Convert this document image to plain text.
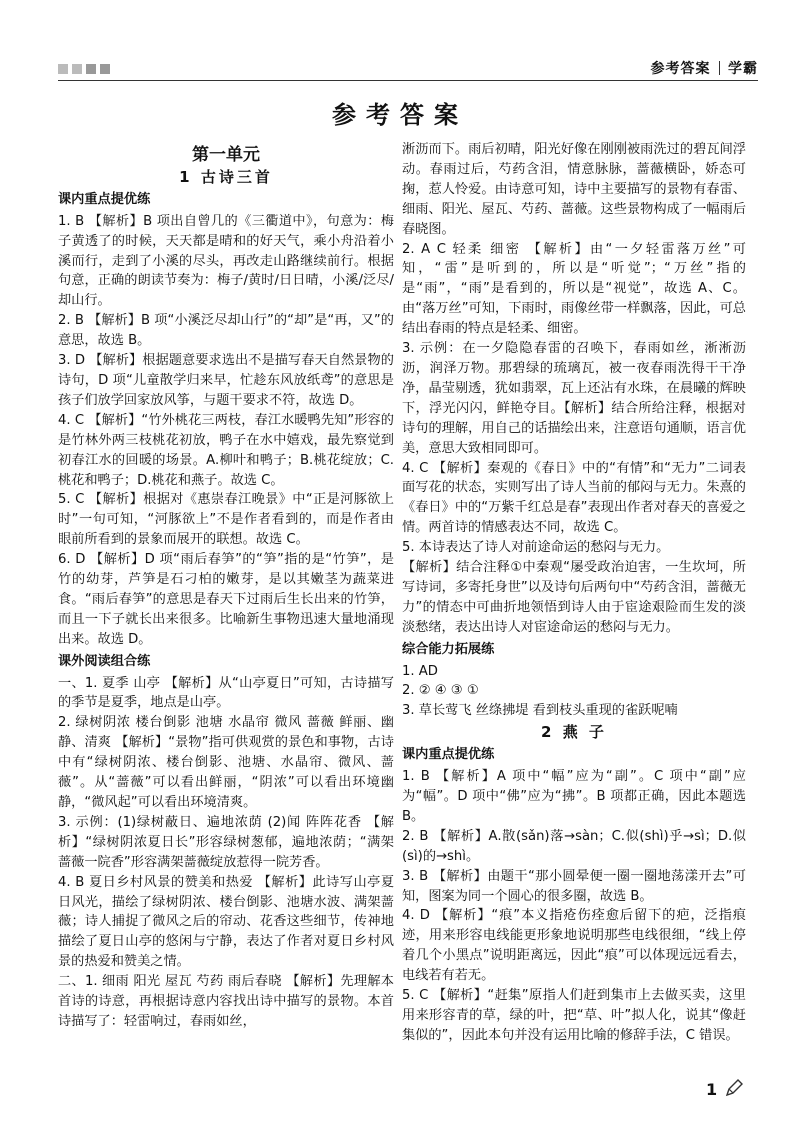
参考答案 学霸
参考答案
第一单元
1 古诗三首
课内重点提优练
1. B 【解析】B 项出自曾几的《三衢道中》，句意为：梅子黄透了的时候，天天都是晴和的好天气，乘小舟沿着小溪而行，走到了小溪的尽头，再改走山路继续前行。根据句意，正确的朗读节奏为：梅子/黄时/日日晴，小溪/泛尽/却山行。
2. B 【解析】B 项“小溪泛尽却山行”的“却”是“再，又”的意思，故选 B。
3. D 【解析】根据题意要求选出不是描写春天自然景物的诗句，D 项“儿童散学归来早，忙趁东风放纸鸢”的意思是孩子们放学回家放风筝，与题干要求不符，故选 D。
4. C 【解析】“竹外桃花三两枝，春江水暖鸭先知”形容的是竹林外两三枝桃花初放，鸭子在水中嬉戏，最先察觉到初春江水的回暖的场景。A.柳叶和鸭子；B.桃花绽放；C.桃花和鸭子；D.桃花和燕子。故选 C。
5. C 【解析】根据对《惠崇春江晚景》中“正是河豚欲上时”一句可知，“河豚欲上”不是作者看到的，而是作者由眼前所看到的景象而展开的联想。故选 C。
6. D 【解析】D 项“雨后春笋”的“笋”指的是“竹笋”，是竹的幼芽，芦笋是石刁柏的嫩芽，是以其嫩茎为蔬菜进食。“雨后春笋”的意思是春天下过雨后生长出来的竹笋，而且一下子就长出来很多。比喻新生事物迅速大量地涌现出来。故选 D。
课外阅读组合练
一、1. 夏季 山亭 【解析】从“山亭夏日”可知，古诗描写的季节是夏季，地点是山亭。
2. 绿树阴浓 楼台倒影 池塘 水晶帘 微风 蔷薇 鲜丽、幽静、清爽 【解析】“景物”指可供观赏的景色和事物，古诗中有“绿树阴浓、楼台倒影、池塘、水晶帘、微风、蔷薇”。从“蔷薇”可以看出鲜丽，“阴浓”可以看出环境幽静，“微风起”可以看出环境清爽。
3. 示例：(1)绿树蔽日、遍地浓荫 (2)闻 阵阵花香 【解析】“绿树阴浓夏日长”形容绿树葱郁，遍地浓荫；“满架蔷薇一院香”形容满架蔷薇绽放惹得一院芳香。
4. B 夏日乡村风景的赞美和热爱 【解析】此诗写山亭夏日风光，描绘了绿树阴浓、楼台倒影、池塘水波、满架蔷薇；诗人捕捉了微风之后的帘动、花香这些细节，传神地描绘了夏日山亭的悠闲与宁静，表达了作者对夏日乡村风景的热爱和赞美之情。
二、1. 细雨 阳光 屋瓦 芍药 雨后春晓 【解析】先理解本首诗的诗意，再根据诗意内容找出诗中描写的景物。本首诗描写了：轻雷响过，春雨如丝，
淅沥而下。雨后初晴，阳光好像在刚刚被雨洗过的碧瓦间浮动。春雨过后，芍药含泪，情意脉脉，蔷薇横卧，娇态可掬，惹人怜爱。由诗意可知，诗中主要描写的景物有春雷、细雨、阳光、屋瓦、芍药、蔷薇。这些景物构成了一幅雨后春晓图。
2. A C 轻柔 细密 【解析】由“一夕轻雷落万丝”可知，“雷”是听到的，所以是“听觉”；“万丝”指的是“雨”，“雨”是看到的，所以是“视觉”，故选 A、C。由“落万丝”可知，下雨时，雨像丝带一样飘落，因此，可总结出春雨的特点是轻柔、细密。
3. 示例：在一夕隐隐春雷的召唤下，春雨如丝，淅淅沥沥，润泽万物。那碧绿的琉璃瓦，被一夜春雨洗得干干净净，晶莹剔透，犹如翡翠，瓦上还沾有水珠，在晨曦的辉映下，浮光闪闪，鲜艳夺目。【解析】结合所给注释，根据对诗句的理解，用自己的话描绘出来，注意语句通顺，语言优美，意思大致相同即可。
4. C 【解析】秦观的《春日》中的“有情”和“无力”二词表面写花的状态，实则写出了诗人当前的郁闷与无力。朱熹的《春日》中的“万紫千红总是春”表现出作者对春天的喜爱之情。两首诗的情感表达不同，故选 C。
5. 本诗表达了诗人对前途命运的愁闷与无力。
【解析】结合注释①中秦观“屡受政治迫害，一生坎坷，所写诗词，多寄托身世”以及诗句后两句中“芍药含泪，蔷薇无力”的情态中可曲折地领悟到诗人由于宦途艰险而生发的淡淡愁绪，表达出诗人对宦途命运的愁闷与无力。
综合能力拓展练
1. AD
2. ② ④ ③ ①
3. 草长莺飞 丝绦拂堤 看到枝头重现的雀跃呢喃
2 燕 子
课内重点提优练
1. B 【解析】A 项中“幅”应为“副”。C 项中“副”应为“幅”。D 项中“佛”应为“拂”。B 项都正确，因此本题选 B。
2. B 【解析】A.散(sǎn)落→sàn；C.似(shì)乎→sì；D.似(sì)的→shì。
3. B 【解析】由题干“那小圆晕便一圈一圈地荡漾开去”可知，图案为同一个圆心的很多圈，故选 B。
4. D 【解析】“痕”本义指疮伤痊愈后留下的疤，泛指痕迹，用来形容电线能更形象地说明那些电线很细，“线上停着几个小黑点”说明距离远，因此“痕”可以体现远远看去，电线若有若无。
5. C 【解析】“赶集”原指人们赶到集市上去做买卖，这里用来形容青的草，绿的叶，把“草、叶”拟人化，说其“像赶集似的”，因此本句并没有运用比喻的修辞手法，C 错误。
1
